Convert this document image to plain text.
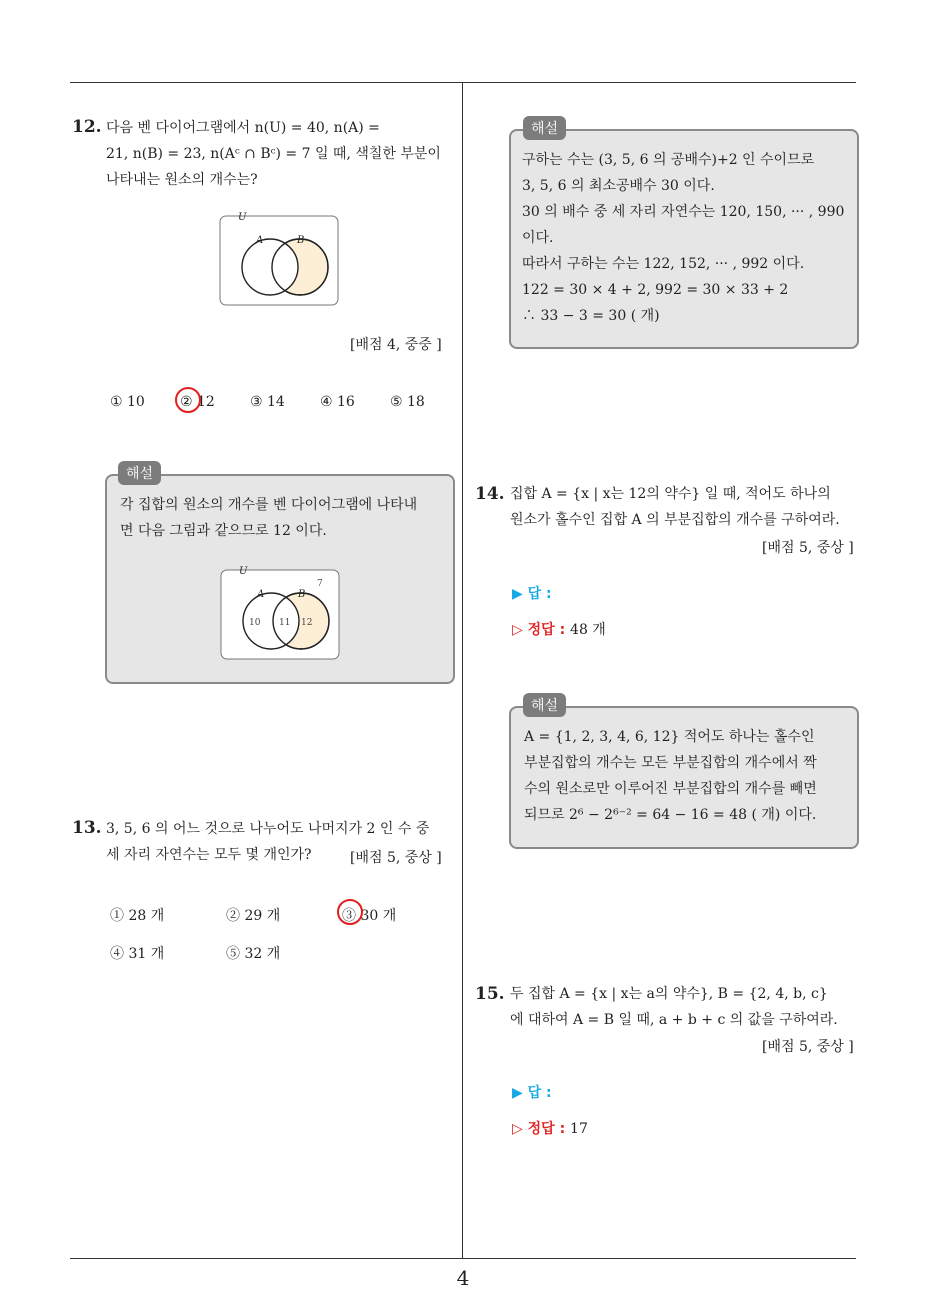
4
12. 다음 벤 다이어그램에서 n(U) = 40, n(A) =
21, n(B) = 23, n(Aᶜ ∩ Bᶜ) = 7 일 때, 색칠한 부분이
나타내는 원소의 개수는?
U
A	B
[배점 4, 중중 ]
① 10	② 12	③ 14	④ 16	⑤ 18
각 집합의 원소의 개수를 벤 다이어그램에 나타내
면 다음 그림과 같으므로 12 이다.
U
A	B
7
10 11 12
해설
13. 3, 5, 6 의 어느 것으로 나누어도 나머지가 2 인 수 중
세 자리 자연수는 모두 몇 개인가?	[배점 5, 중상 ]
① 28 개	② 29 개	③ 30 개
④ 31 개	⑤ 32 개
구하는 수는 (3, 5, 6 의 공배수)+2 인 수이므로
3, 5, 6 의 최소공배수 30 이다.
30 의 배수 중 세 자리 자연수는 120, 150, ··· , 990
이다.
따라서 구하는 수는 122, 152, ··· , 992 이다.
122 = 30 × 4 + 2, 992 = 30 × 33 + 2
∴ 33 − 3 = 30 ( 개)
해설
14. 집합 A = {x | x는 12의 약수} 일 때, 적어도 하나의
원소가 홀수인 집합 A 의 부분집합의 개수를 구하여라.
[배점 5, 중상 ]
▶ 답 :
▷ 정답 : 48 개
A = {1, 2, 3, 4, 6, 12} 적어도 하나는 홀수인
부분집합의 개수는 모든 부분집합의 개수에서 짝
수의 원소로만 이루어진 부분집합의 개수를 빼면
되므로 2⁶ − 2⁶⁻² = 64 − 16 = 48 ( 개) 이다.
해설
15. 두 집합 A = {x | x는 a의 약수}, B = {2, 4, b, c}
에 대하여 A = B 일 때, a + b + c 의 값을 구하여라.
[배점 5, 중상 ]
▶ 답 :
▷ 정답 : 17
